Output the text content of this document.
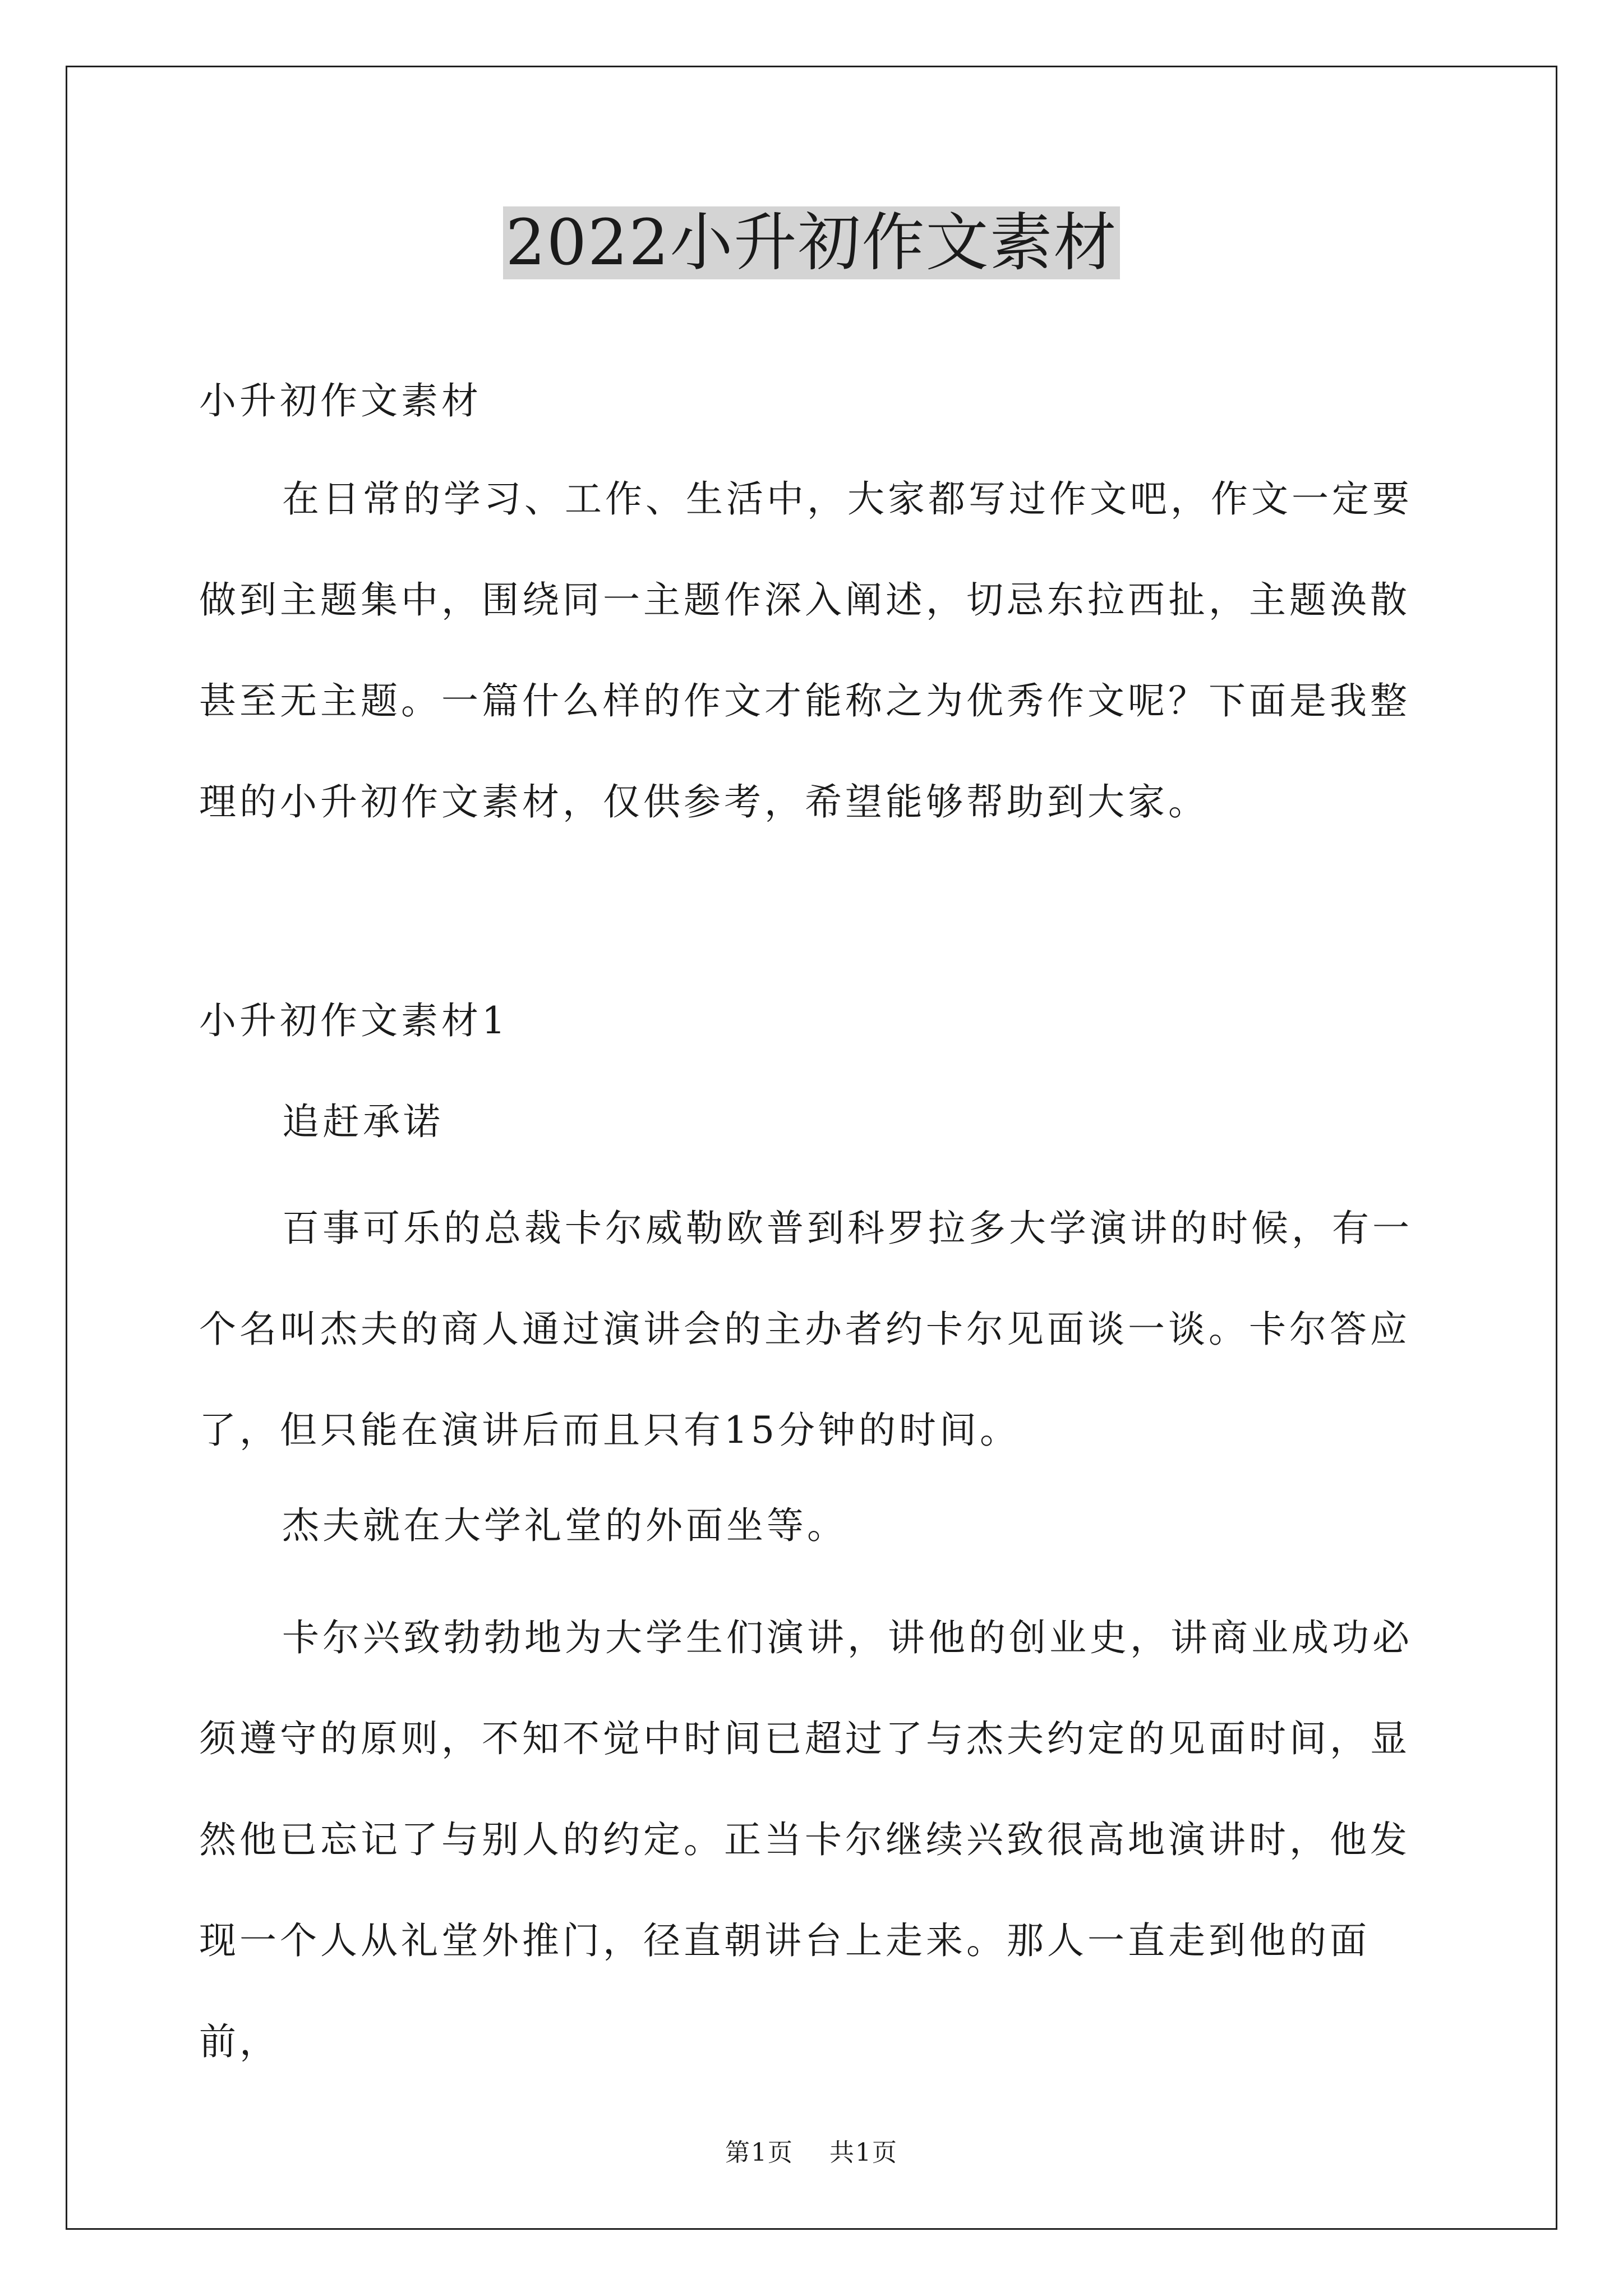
2022小升初作文素材

小升初作文素材

在日常的学习、工作、生活中，大家都写过作文吧，作文一定要做到主题集中，围绕同一主题作深入阐述，切忌东拉西扯，主题涣散甚至无主题。一篇什么样的作文才能称之为优秀作文呢？下面是我整理的小升初作文素材，仅供参考，希望能够帮助到大家。

小升初作文素材1

追赶承诺

百事可乐的总裁卡尔威勒欧普到科罗拉多大学演讲的时候，有一个名叫杰夫的商人通过演讲会的主办者约卡尔见面谈一谈。卡尔答应了，但只能在演讲后而且只有15分钟的时间。

杰夫就在大学礼堂的外面坐等。

卡尔兴致勃勃地为大学生们演讲，讲他的创业史，讲商业成功必须遵守的原则，不知不觉中时间已超过了与杰夫约定的见面时间，显然他已忘记了与别人的约定。正当卡尔继续兴致很高地演讲时，他发现一个人从礼堂外推门，径直朝讲台上走来。那人一直走到他的面前，

第1页 共1页
